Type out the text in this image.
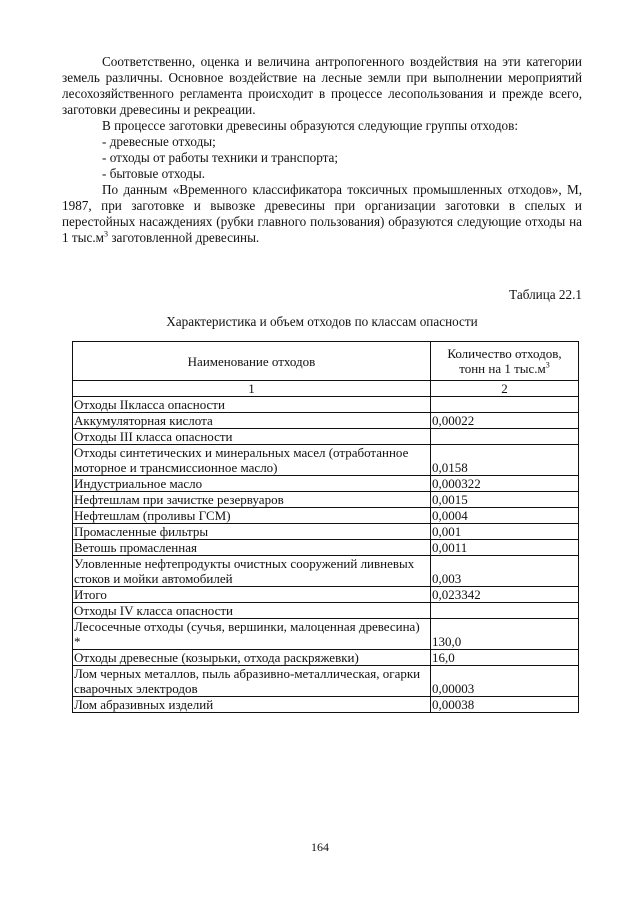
Соответственно, оценка и величина антропогенного воздействия на эти категории земель различны. Основное воздействие на лесные земли при выполнении мероприятий лесохозяйственного регламента происходит в процессе лесопользования и прежде всего, заготовки древесины и рекреации.

В процессе заготовки древесины образуются следующие группы отходов:

- древесные отходы;

- отходы от работы техники и транспорта;

- бытовые отходы.

По данным «Временного классификатора токсичных промышленных отходов», М, 1987, при заготовке и вывозке древесины при организации заготовки в спелых и перестойных насаждениях (рубки главного пользования) образуются следующие отходы на 1 $тыс.м^3$ заготовленной древесины.

Таблица 22.1
Характеристика и объем отходов по классам опасности
Наименование отходов	Количество отходов,
тонн на 1 $тыс.м^3$
1	2
Отходы IIкласса опасности	
Аккумуляторная кислота	0,00022
Отходы III класса опасности	
Отходы синтетических и минеральных масел (отработанное моторное и трансмиссионное масло)	0,0158
Индустриальное масло	0,000322
Нефтешлам при зачистке резервуаров	0,0015
Нефтешлам (проливы ГСМ)	0,0004
Промасленные фильтры	0,001
Ветошь промасленная	0,0011
Уловленные нефтепродукты очистных сооружений ливневых стоков и мойки автомобилей	0,003
Итого	0,023342
Отходы IV класса опасности	
Лесосечные отходы (сучья, вершинки, малоценная древесина) *	130,0
Отходы древесные (козырьки, отхода раскряжевки)	16,0
Лом черных металлов, пыль абразивно-металлическая, огарки сварочных электродов	0,00003
Лом абразивных изделий	0,00038
164
